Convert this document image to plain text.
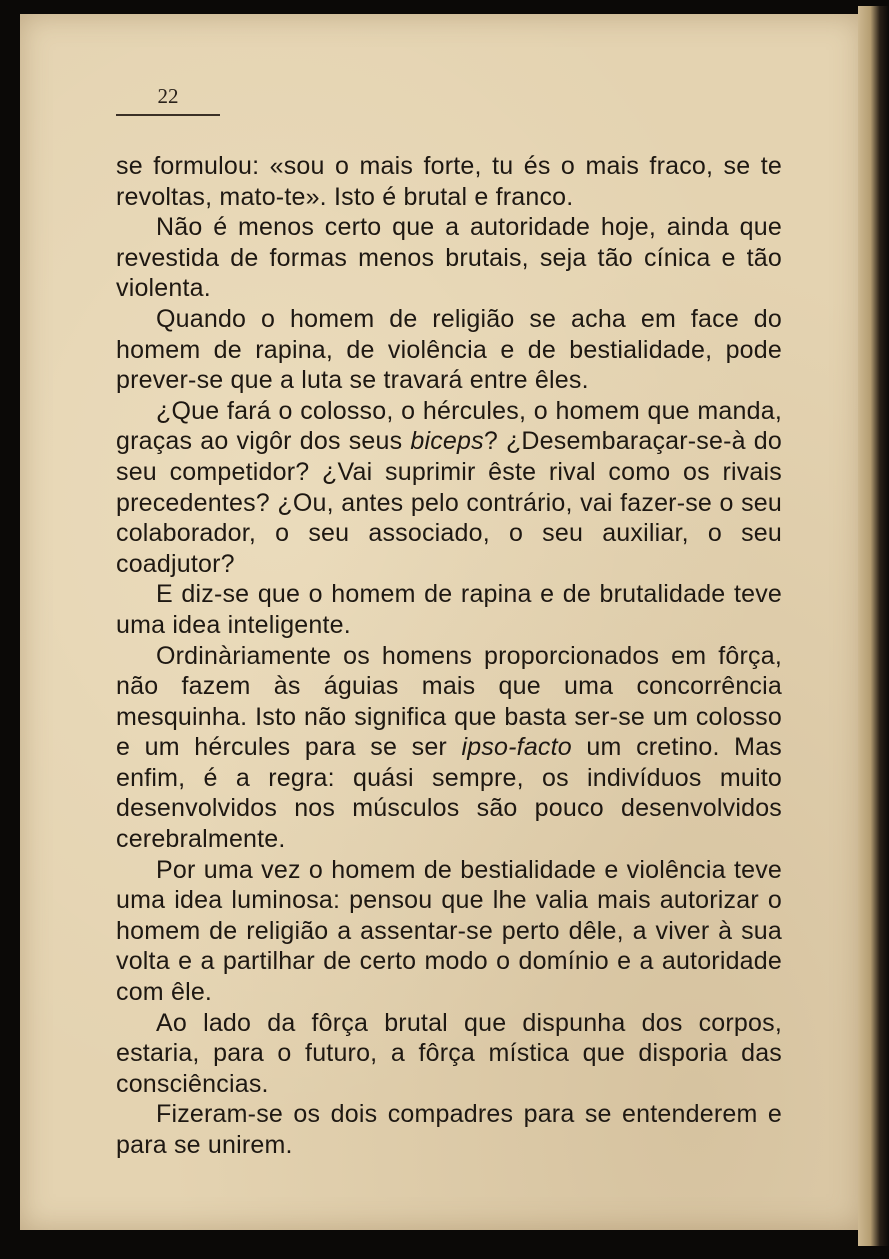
22

se formulou: «sou o mais forte, tu és o mais fraco, se te revoltas, mato-te». Isto é brutal e franco.

Não é menos certo que a autoridade hoje, ainda que revestida de formas menos brutais, seja tão cínica e tão violenta.

Quando o homem de religião se acha em face do homem de rapina, de violência e de bestialidade, pode prever-se que a luta se travará entre êles.

¿Que fará o colosso, o hércules, o homem que manda, graças ao vigôr dos seus biceps? ¿Desembaraçar-se-à do seu competidor? ¿Vai suprimir êste rival como os rivais precedentes? ¿Ou, antes pelo contrário, vai fazer-se o seu colaborador, o seu associado, o seu auxiliar, o seu coadjutor?

E diz-se que o homem de rapina e de brutalidade teve uma idea inteligente.

Ordinàriamente os homens proporcionados em fôrça, não fazem às águias mais que uma concorrência mesquinha. Isto não significa que basta ser-se um colosso e um hércules para se ser ipso-facto um cretino. Mas enfim, é a regra: quási sempre, os indivíduos muito desenvolvidos nos músculos são pouco desenvolvidos cerebralmente.

Por uma vez o homem de bestialidade e violência teve uma idea luminosa: pensou que lhe valia mais autorizar o homem de religião a assentar-se perto dêle, a viver à sua volta e a partilhar de certo modo o domínio e a autoridade com êle.

Ao lado da fôrça brutal que dispunha dos corpos, estaria, para o futuro, a fôrça mística que disporia das consciências.

Fizeram-se os dois compadres para se entenderem e para se unirem.
